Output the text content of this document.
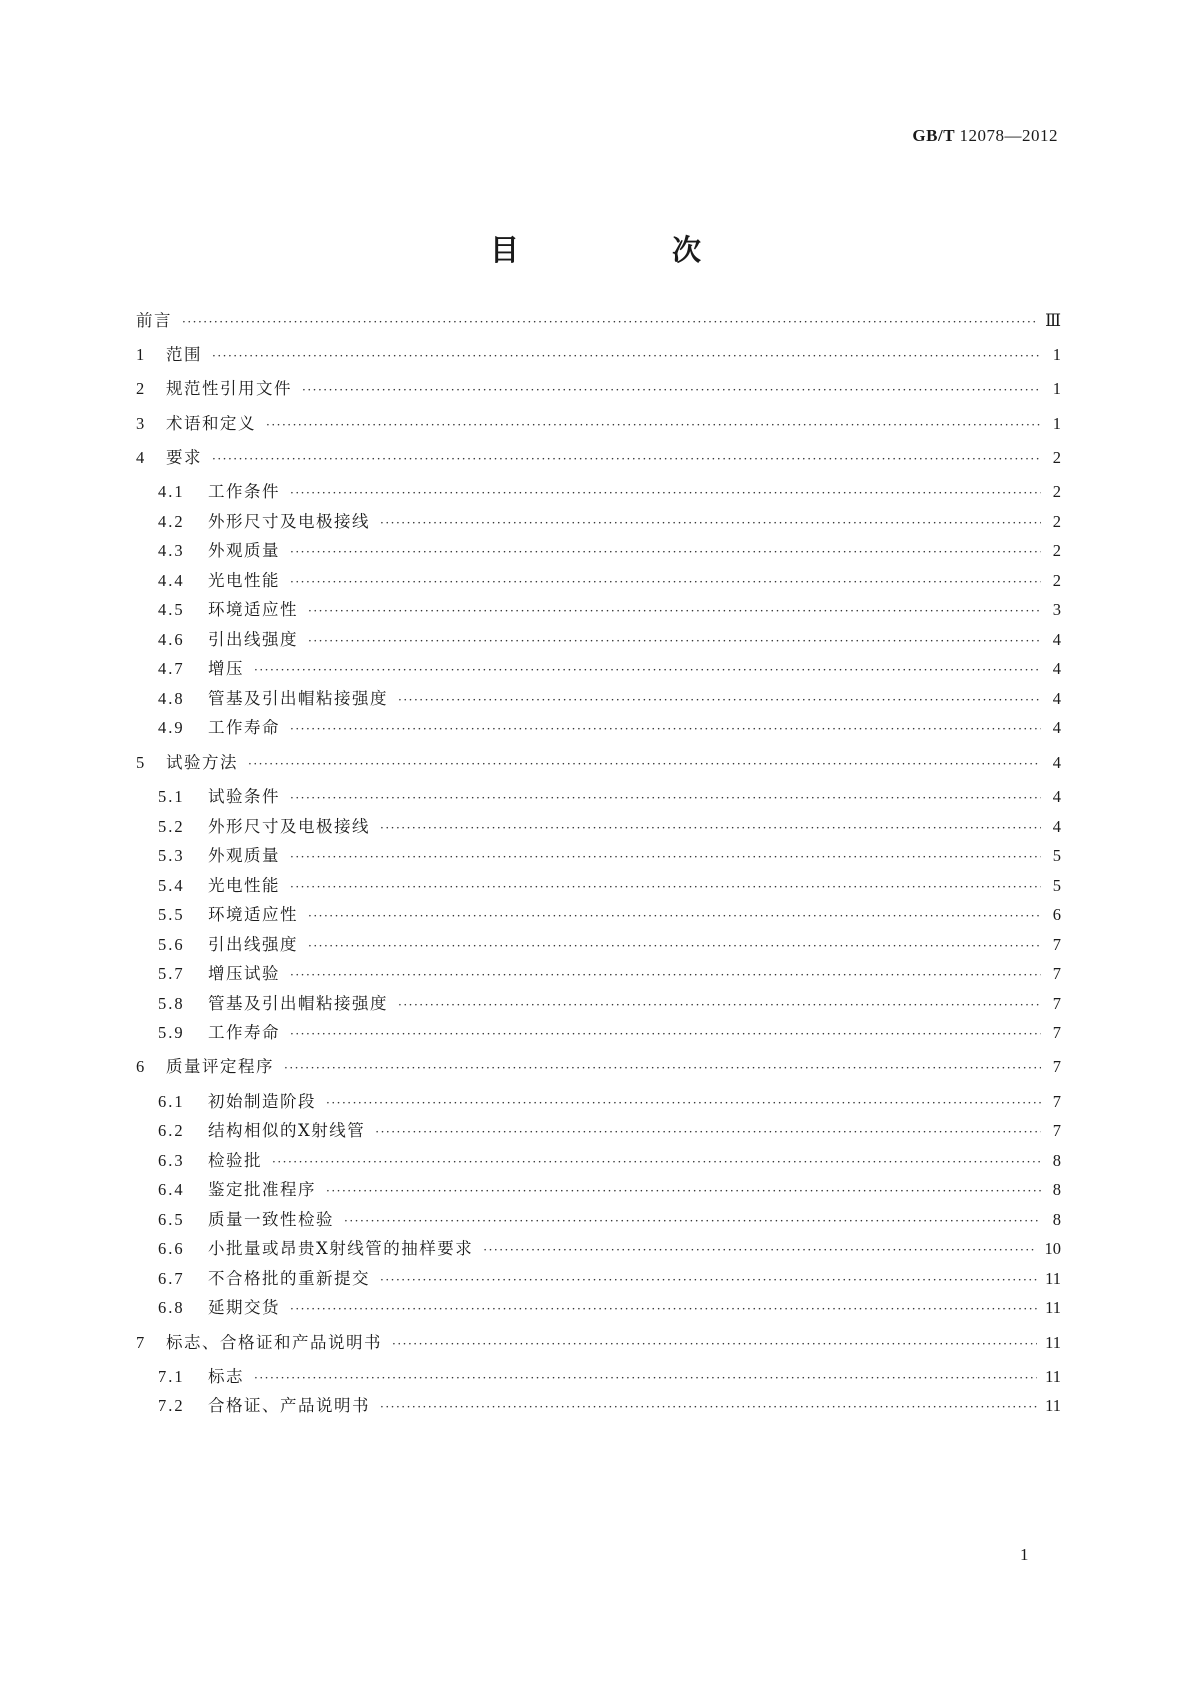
GB/T 12078—2012
目　次
前言 ·····	Ⅲ
1	范围 ·····	1
2	规范性引用文件 ·····	1
3	术语和定义 ·····	1
4	要求 ·····	2
4.1	工作条件 ·····	2
4.2	外形尺寸及电极接线 ·····	2
4.3	外观质量 ·····	2
4.4	光电性能 ·····	2
4.5	环境适应性 ·····	3
4.6	引出线强度 ·····	4
4.7	增压 ·····	4
4.8	管基及引出帽粘接强度 ·····	4
4.9	工作寿命 ·····	4
5	试验方法 ·····	4
5.1	试验条件 ·····	4
5.2	外形尺寸及电极接线 ·····	4
5.3	外观质量 ·····	5
5.4	光电性能 ·····	5
5.5	环境适应性 ·····	6
5.6	引出线强度 ·····	7
5.7	增压试验 ·····	7
5.8	管基及引出帽粘接强度 ·····	7
5.9	工作寿命 ·····	7
6	质量评定程序 ·····	7
6.1	初始制造阶段 ·····	7
6.2	结构相似的X射线管 ·····	7
6.3	检验批 ·····	8
6.4	鉴定批准程序 ·····	8
6.5	质量一致性检验 ·····	8
6.6	小批量或昂贵X射线管的抽样要求 ·····	10
6.7	不合格批的重新提交 ·····	11
6.8	延期交货 ·····	11
7	标志、合格证和产品说明书 ·····	11
7.1	标志 ·····	11
7.2	合格证、产品说明书 ·····	11
1
